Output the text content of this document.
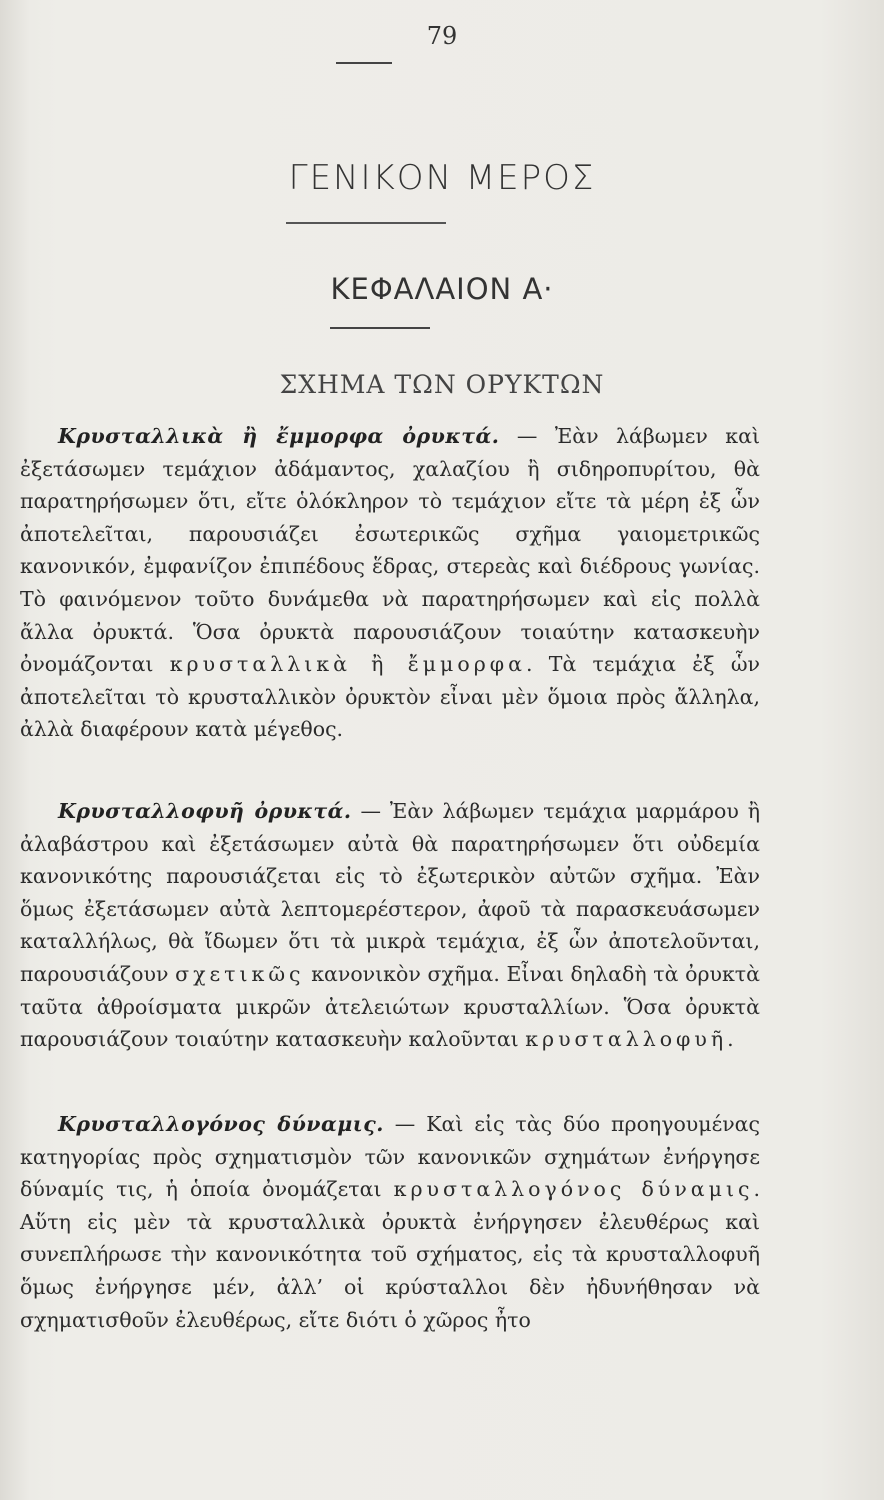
79
ΓΕΝΙΚΟΝ ΜΕΡΟΣ
ΚΕΦΑΛΑΙΟΝ Α·
ΣΧΗΜΑ ΤΩΝ ΟΡΥΚΤΩΝ

Κρυσταλλικὰ ἢ ἔμμορφα ὀρυκτά. — Ἐὰν λάβωμεν καὶ ἐξετάσωμεν τεμάχιον ἀδάμαντος, χαλαζίου ἢ σιδηροπυρίτου, θὰ παρατηρήσωμεν ὅτι, εἴτε ὁλόκληρον τὸ τεμάχιον εἴτε τὰ μέρη ἐξ ὧν ἀποτελεῖται, παρουσιάζει ἐσωτερικῶς σχῆμα γαιομετρικῶς κανονικόν, ἐμφανίζον ἐπιπέδους ἕδρας, στερεὰς καὶ διέδρους γωνίας. Τὸ φαινόμενον τοῦτο δυνάμεθα νὰ παρατηρήσωμεν καὶ εἰς πολλὰ ἄλλα ὀρυκτά. Ὅσα ὀρυκτὰ παρουσιάζουν τοιαύτην κατασκευὴν ὀνομάζονται κρυσταλλικὰ ἢ ἔμμορφα. Τὰ τεμάχια ἐξ ὧν ἀποτελεῖται τὸ κρυσταλλικὸν ὀρυκτὸν εἶναι μὲν ὅμοια πρὸς ἄλληλα, ἀλλὰ διαφέρουν κατὰ μέγεθος.

Κρυσταλλοφυῆ ὀρυκτά. — Ἐὰν λάβωμεν τεμάχια μαρμάρου ἢ ἀλαβάστρου καὶ ἐξετάσωμεν αὐτὰ θὰ παρατηρήσωμεν ὅτι οὐδεμία κανονικότης παρουσιάζεται εἰς τὸ ἐξωτερικὸν αὐτῶν σχῆμα. Ἐὰν ὅμως ἐξετάσωμεν αὐτὰ λεπτομερέστερον, ἀφοῦ τὰ παρασκευάσωμεν καταλλήλως, θὰ ἴδωμεν ὅτι τὰ μικρὰ τεμάχια, ἐξ ὧν ἀποτελοῦνται, παρουσιάζουν σχετικῶς κανονικὸν σχῆμα. Εἶναι δηλαδὴ τὰ ὀρυκτὰ ταῦτα ἀθροίσματα μικρῶν ἀτελειώτων κρυσταλλίων. Ὅσα ὀρυκτὰ παρουσιάζουν τοιαύτην κατασκευὴν καλοῦνται κρυσταλλοφυῆ.

Κρυσταλλογόνος δύναμις. — Καὶ εἰς τὰς δύο προηγουμένας κατηγορίας πρὸς σχηματισμὸν τῶν κανονικῶν σχημάτων ἐνήργησε δύναμίς τις, ἡ ὁποία ὀνομάζεται κρυσταλλογόνος δύναμις. Αὕτη εἰς μὲν τὰ κρυσταλλικὰ ὀρυκτὰ ἐνήργησεν ἐλευθέρως καὶ συνεπλήρωσε τὴν κανονικότητα τοῦ σχήματος, εἰς τὰ κρυσταλλοφυῆ ὅμως ἐνήργησε μέν, ἀλλ’ οἱ κρύσταλλοι δὲν ἠδυνήθησαν νὰ σχηματισθοῦν ἐλευθέρως, εἴτε διότι ὁ χῶρος ἦτο
